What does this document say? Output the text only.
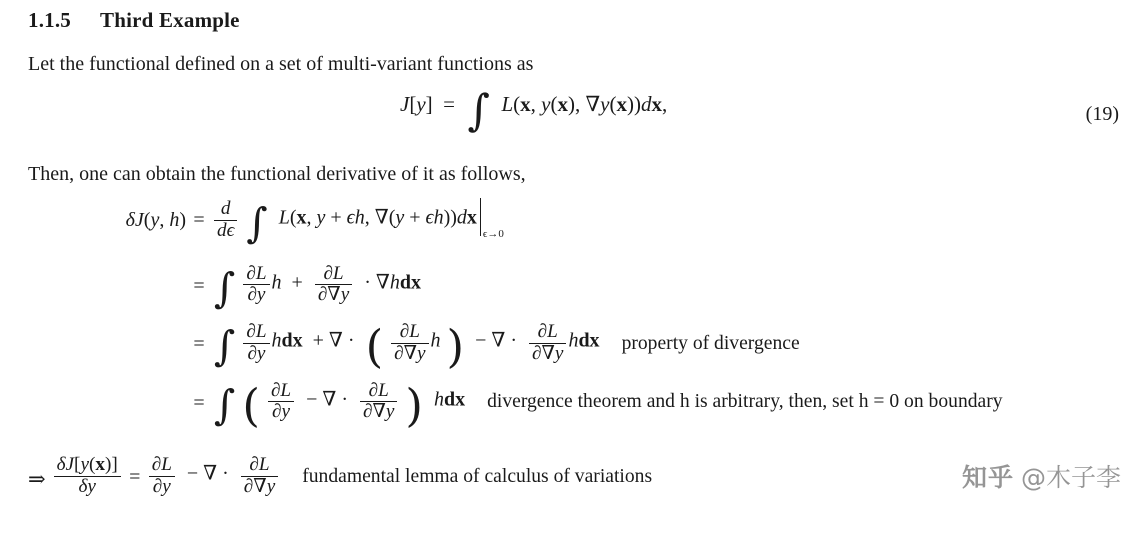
1.1.5 Third Example
Let the functional defined on a set of multi-variant functions as
J[y]  =  ∫  L(x, y(x), ∇y(x))dx,	(19)
Then, one can obtain the functional derivative of it as follows,
δJ(y, $h) = \frac{d}{d\epsilon}$ ∫  L(x, y + ϵh, ∇(y + ϵh))dx
ϵ→0
= ∫ $\frac{\partial L}{\partial y}$ $h + \frac{\partial L}{\partial\nabla y} \cdot \nabla hdx$
= ∫ $\frac{\partial L}{\partial y}$ hdx  + ∇ ·  ( $\frac{\partial L}{\partial\nabla y}$ h )  − ∇ · $\frac{\partial L}{\partial\nabla y}$ hdx	property of divergence
= ∫ ( $\frac{\partial L}{\partial y}$ − ∇ · $\frac{\partial L}{\partial\nabla y}$ )  hdx	divergence theorem and h is arbitrary, then, set h = 0 on boundary
⇒ $\frac{\delta J[y(x)]}{\delta y} = \frac{\partial L}{\partial y}$ − ∇ · $\frac{\partial L}{\partial\nabla y}$	fundamental lemma of calculus of variations	知乎 @木子李
